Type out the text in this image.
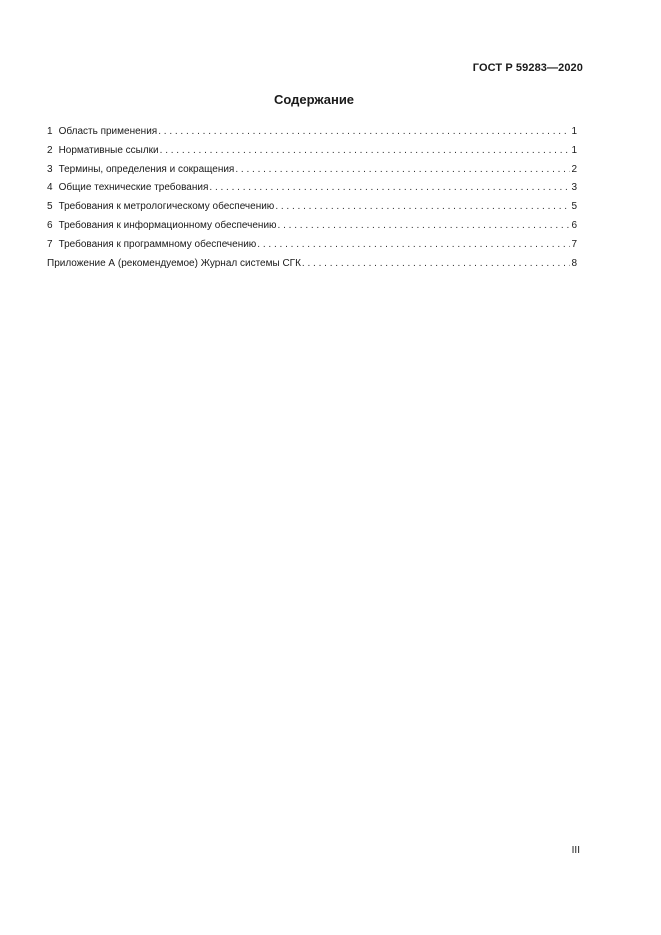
ГОСТ Р 59283—2020
Содержание
1 Область применения . . .	1
2 Нормативные ссылки . . .	1
3 Термины, определения и сокращения . . .	2
4 Общие технические требования . . .	3
5 Требования к метрологическому обеспечению . . .	5
6 Требования к информационному обеспечению . . .	6
7 Требования к программному обеспечению . . .	7
Приложение А (рекомендуемое) Журнал системы СГК . . .	8
III
